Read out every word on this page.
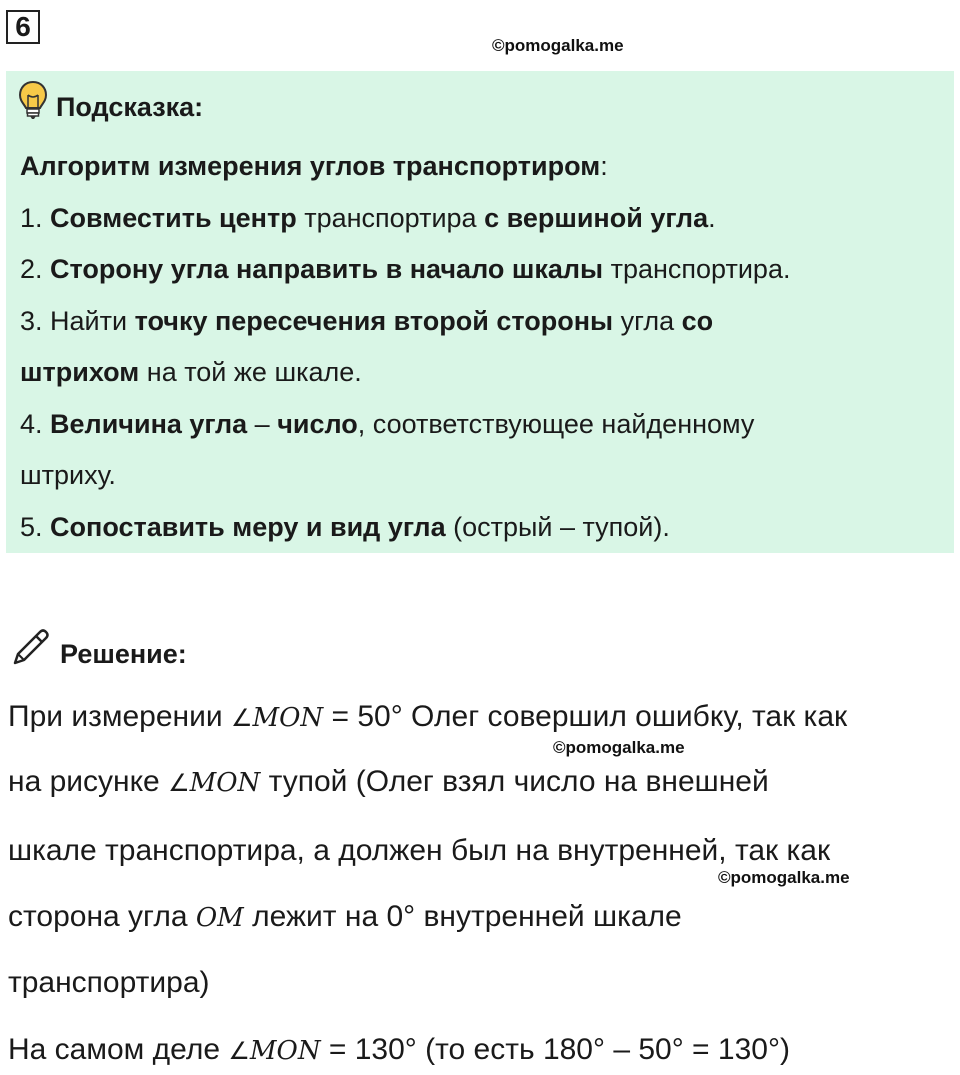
6
©pomogalka.me
Подсказка:
Алгоритм измерения углов транспортиром:
1. Совместить центр транспортира с вершиной угла.
2. Сторону угла направить в начало шкалы транспортира.
3. Найти точку пересечения второй стороны угла со
штрихом на той же шкале.
4. Величина угла – число, соответствующее найденному
штриху.
5. Сопоставить меру и вид угла (острый – тупой).
Решение:
При измерении ∠MON = 50° Олег совершил ошибку, так как
©pomogalka.me
на рисунке ∠MON тупой (Олег взял число на внешней
шкале транспортира, а должен был на внутренней, так как
©pomogalka.me
сторона угла OM лежит на 0° внутренней шкале
транспортира)
На самом деле ∠MON = 130° (то есть 180° – 50° = 130°)
